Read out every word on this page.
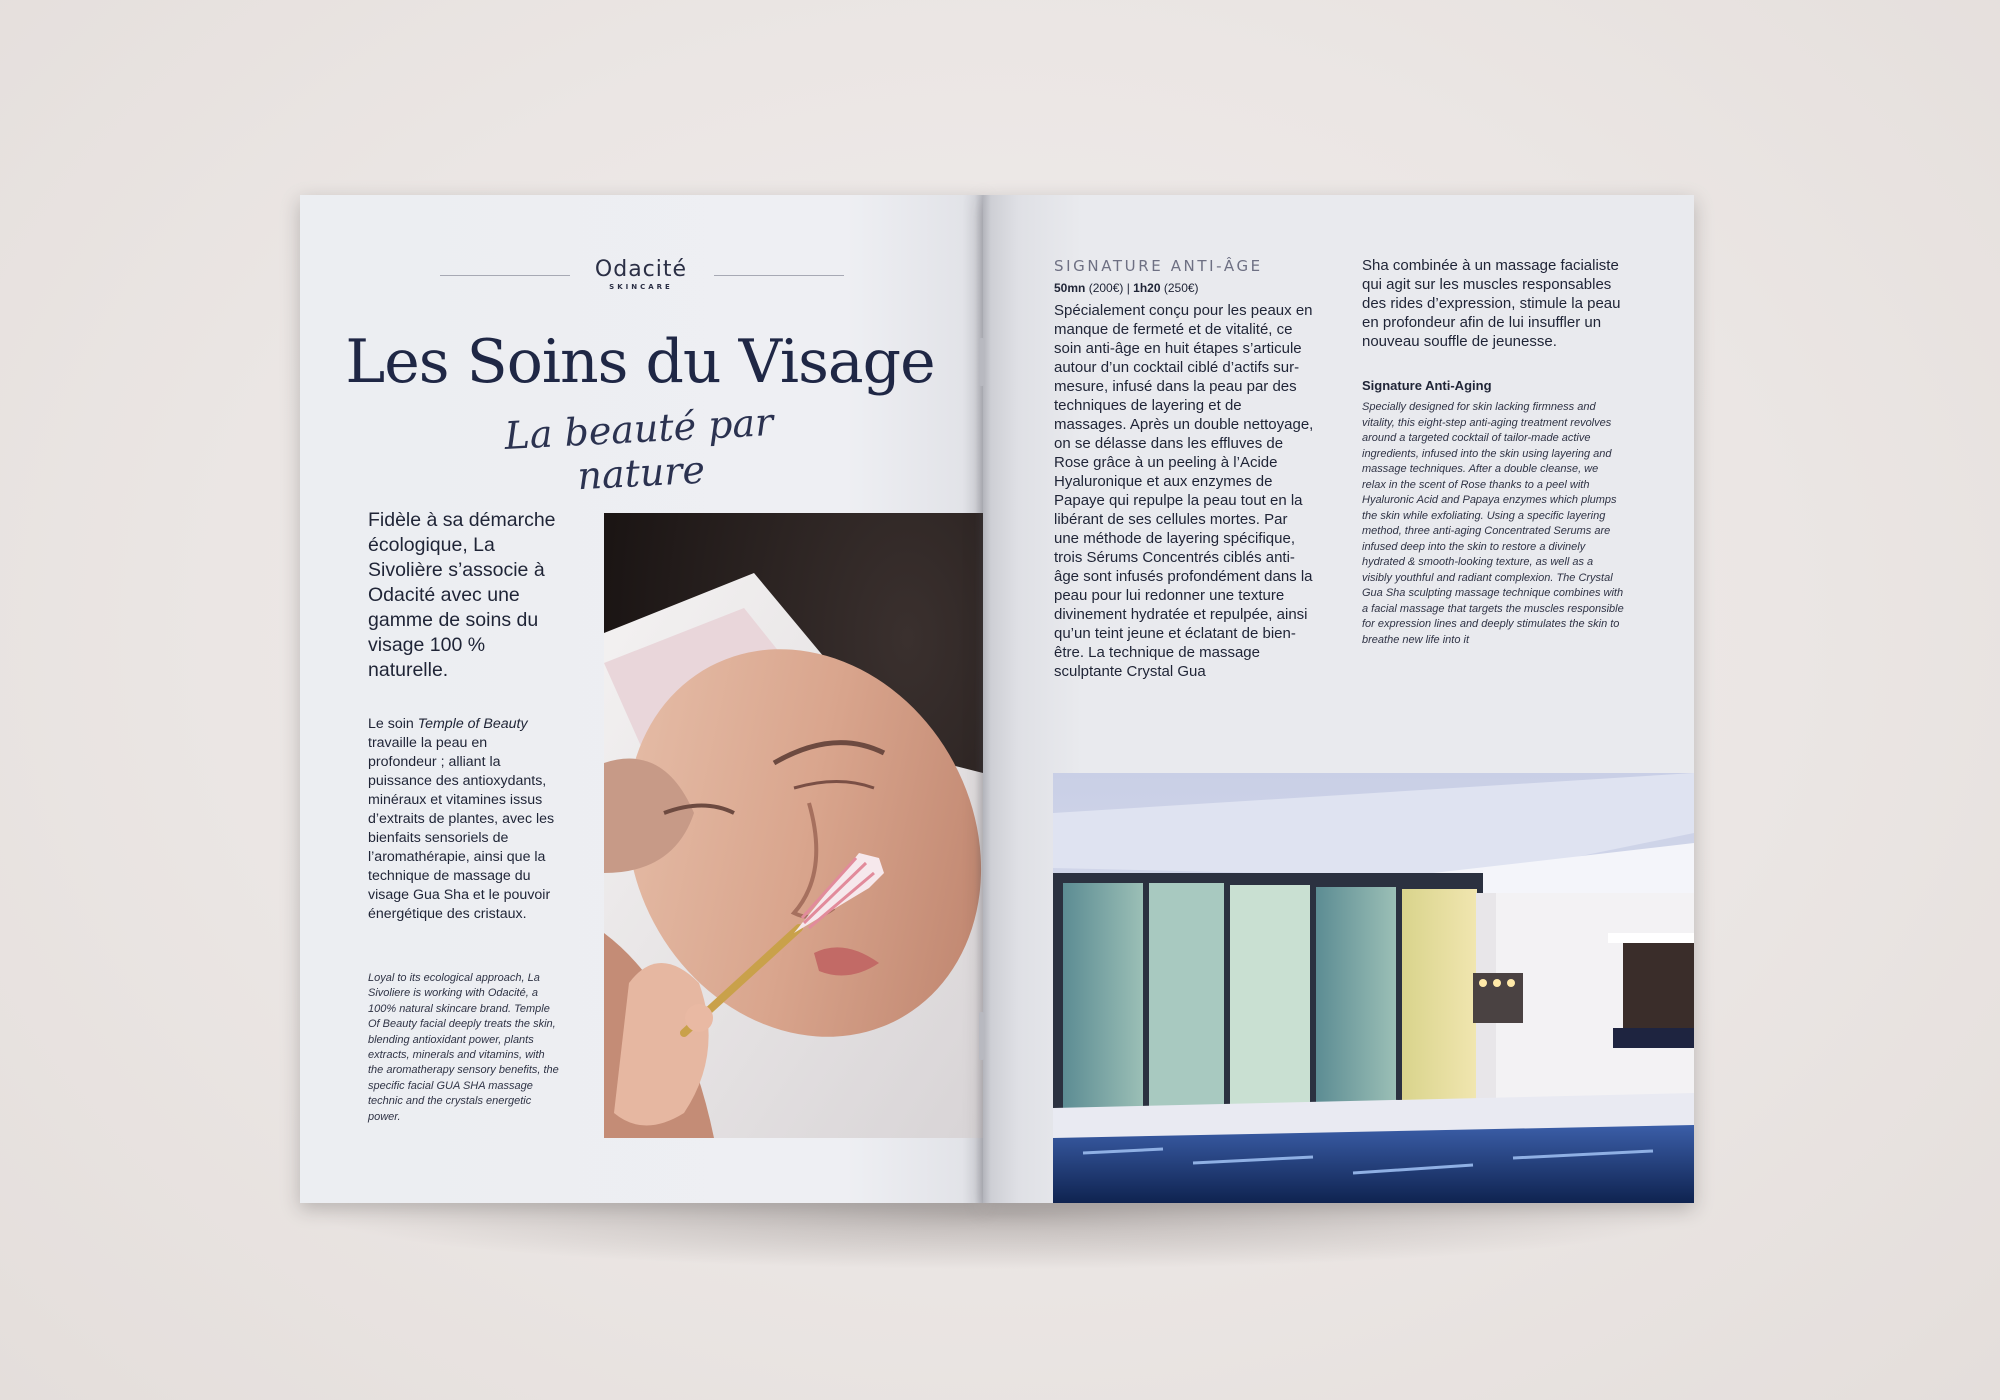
Odacité
SKINCARE
Les Soins du Visage
La beauté par nature
Fidèle à sa démarche écologique, La Sivolière s’associe à Odacité avec une gamme de soins du visage 100 % naturelle.
Le soin Temple of Beauty travaille la peau en profondeur ; alliant la puissance des antioxydants, minéraux et vitamines issus d’extraits de plantes, avec les bienfaits sensoriels de l’aromathérapie, ainsi que la technique de massage du visage Gua Sha et le pouvoir énergétique des cristaux.
Loyal to its ecological approach, La Sivoliere is working with Odacité, a 100% natural skincare brand. Temple Of Beauty facial deeply treats the skin, blending antioxidant power, plants extracts, minerals and vitamins, with the aromatherapy sensory benefits, the specific facial GUA SHA massage technic and the crystals energetic power.
SIGNATURE ANTI-ÂGE
50mn (200€) | 1h20 (250€)
Spécialement conçu pour les peaux en manque de fermeté et de vitalité, ce soin anti-âge en huit étapes s’articule autour d’un cocktail ciblé d’actifs sur-mesure, infusé dans la peau par des techniques de layering et de massages. Après un double nettoyage, on se délasse dans les effluves de Rose grâce à un peeling à l’Acide Hyaluronique et aux enzymes de Papaye qui repulpe la peau tout en la libérant de ses cellules mortes. Par une méthode de layering spécifique, trois Sérums Concentrés ciblés anti-âge sont infusés profondément dans la peau pour lui redonner une texture divinement hydratée et repulpée, ainsi qu’un teint jeune et éclatant de bien-être. La technique de massage sculptante Crystal Gua
Sha combinée à un massage facialiste qui agit sur les muscles responsables des rides d’expression, stimule la peau en profondeur afin de lui insuffler un nouveau souffle de jeunesse.
Signature Anti-Aging
Specially designed for skin lacking firmness and vitality, this eight-step anti-aging treatment revolves around a targeted cocktail of tailor-made active ingredients, infused into the skin using layering and massage techniques. After a double cleanse, we relax in the scent of Rose thanks to a peel with Hyaluronic Acid and Papaya enzymes which plumps the skin while exfoliating. Using a specific layering method, three anti-aging Concentrated Serums are infused deep into the skin to restore a divinely hydrated & smooth-looking texture, as well as a visibly youthful and radiant complexion. The Crystal Gua Sha sculpting massage technique combines with a facial massage that targets the muscles responsible for expression lines and deeply stimulates the skin to breathe new life into it
